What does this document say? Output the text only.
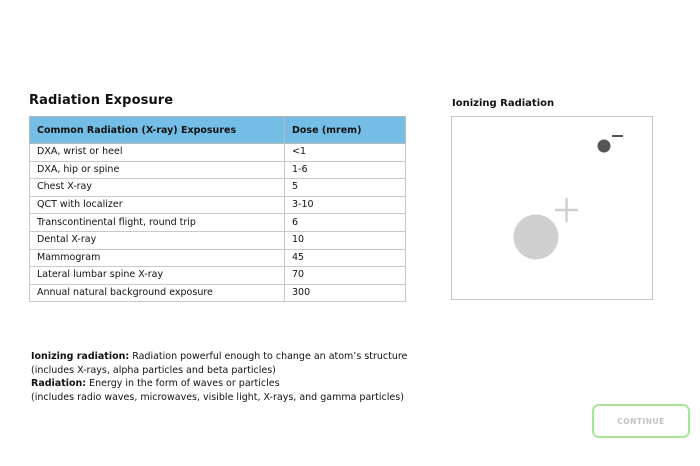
Radiation Exposure
Common Radiation (X-ray) Exposures	Dose (mrem)
DXA, wrist or heel	<1
DXA, hip or spine	1-6
Chest X-ray	5
QCT with localizer	3-10
Transcontinental flight, round trip	6
Dental X-ray	10
Mammogram	45
Lateral lumbar spine X-ray	70
Annual natural background exposure	300
Ionizing Radiation

Ionizing radiation: Radiation powerful enough to change an atom’s structure

(includes X-rays, alpha particles and beta particles)

Radiation: Energy in the form of waves or particles

(includes radio waves, microwaves, visible light, X-rays, and gamma particles)

CONTINUE
